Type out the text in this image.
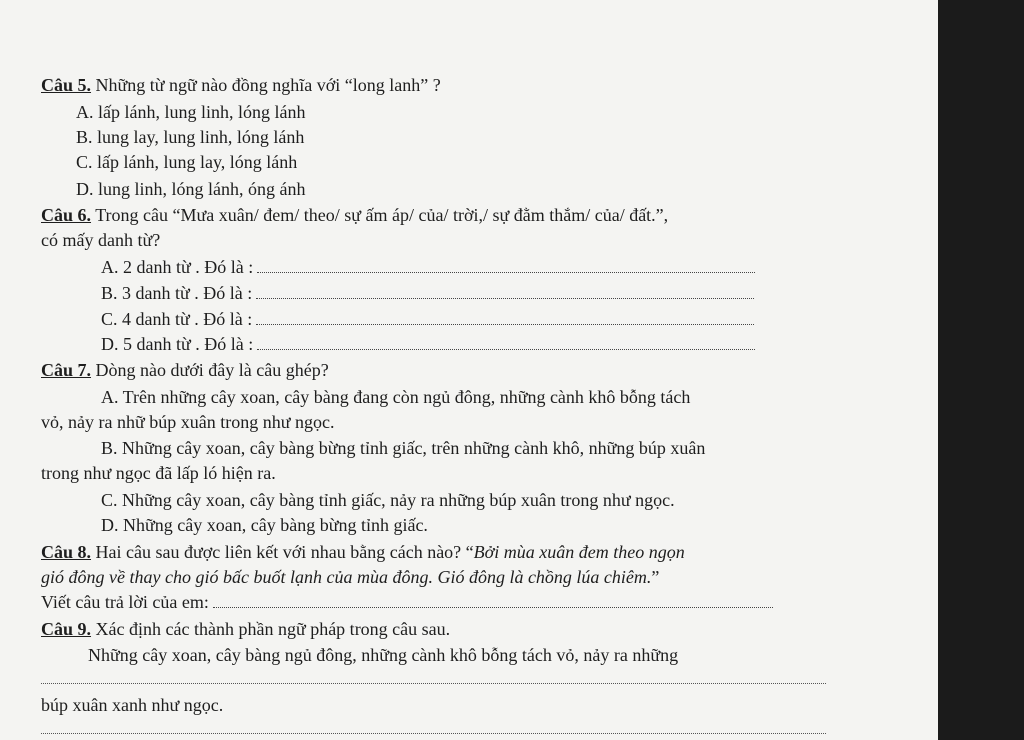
Câu 5. Những từ ngữ nào đồng nghĩa với “long lanh” ?
A. lấp lánh, lung linh, lóng lánh
B. lung lay, lung linh, lóng lánh
C. lấp lánh, lung lay, lóng lánh
D. lung linh, lóng lánh, óng ánh
Câu 6. Trong câu “Mưa xuân/ đem/ theo/ sự ấm áp/ của/ trời,/ sự đằm thắm/ của/ đất.”,
có mấy danh từ?
A. 2 danh từ . Đó là :
B. 3 danh từ . Đó là :
C. 4 danh từ . Đó là :
D. 5 danh từ . Đó là :
Câu 7. Dòng nào dưới đây là câu ghép?
A. Trên những cây xoan, cây bàng đang còn ngủ đông, những cành khô bỗng tách
vỏ, nảy ra nhữ búp xuân trong như ngọc.
B. Những cây xoan, cây bàng bừng tỉnh giấc, trên những cành khô, những búp xuân
trong như ngọc đã lấp ló hiện ra.
C. Những cây xoan, cây bàng tỉnh giấc, nảy ra những búp xuân trong như ngọc.
D. Những cây xoan, cây bàng bừng tỉnh giấc.
Câu 8. Hai câu sau được liên kết với nhau bằng cách nào? “Bởi mùa xuân đem theo ngọn
gió đông về thay cho gió bấc buốt lạnh của mùa đông. Gió đông là chồng lúa chiêm.”
Viết câu trả lời của em:
Câu 9. Xác định các thành phần ngữ pháp trong câu sau.
Những cây xoan, cây bàng ngủ đông, những cành khô bỗng tách vỏ, nảy ra những
búp xuân xanh như ngọc.
